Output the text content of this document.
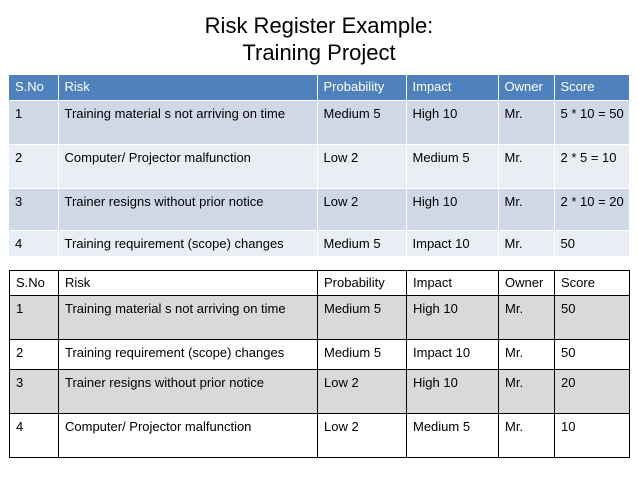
Risk Register Example:
Training Project
S.No	Risk	Probability	Impact	Owner	Score
1	Training material s not arriving on time	Medium 5	High 10	Mr.	5 * 10 = 50
2	Computer/ Projector malfunction	Low 2	Medium 5	Mr.	2 * 5 = 10
3	Trainer resigns without prior notice	Low 2	High 10	Mr.	2 * 10 = 20
4	Training requirement (scope) changes	Medium 5	Impact 10	Mr.	50
S.No	Risk	Probability	Impact	Owner	Score
1	Training material s not arriving on time	Medium 5	High 10	Mr.	50
2	Training requirement (scope) changes	Medium 5	Impact 10	Mr.	50
3	Trainer resigns without prior notice	Low 2	High 10	Mr.	20
4	Computer/ Projector malfunction	Low 2	Medium 5	Mr.	10
